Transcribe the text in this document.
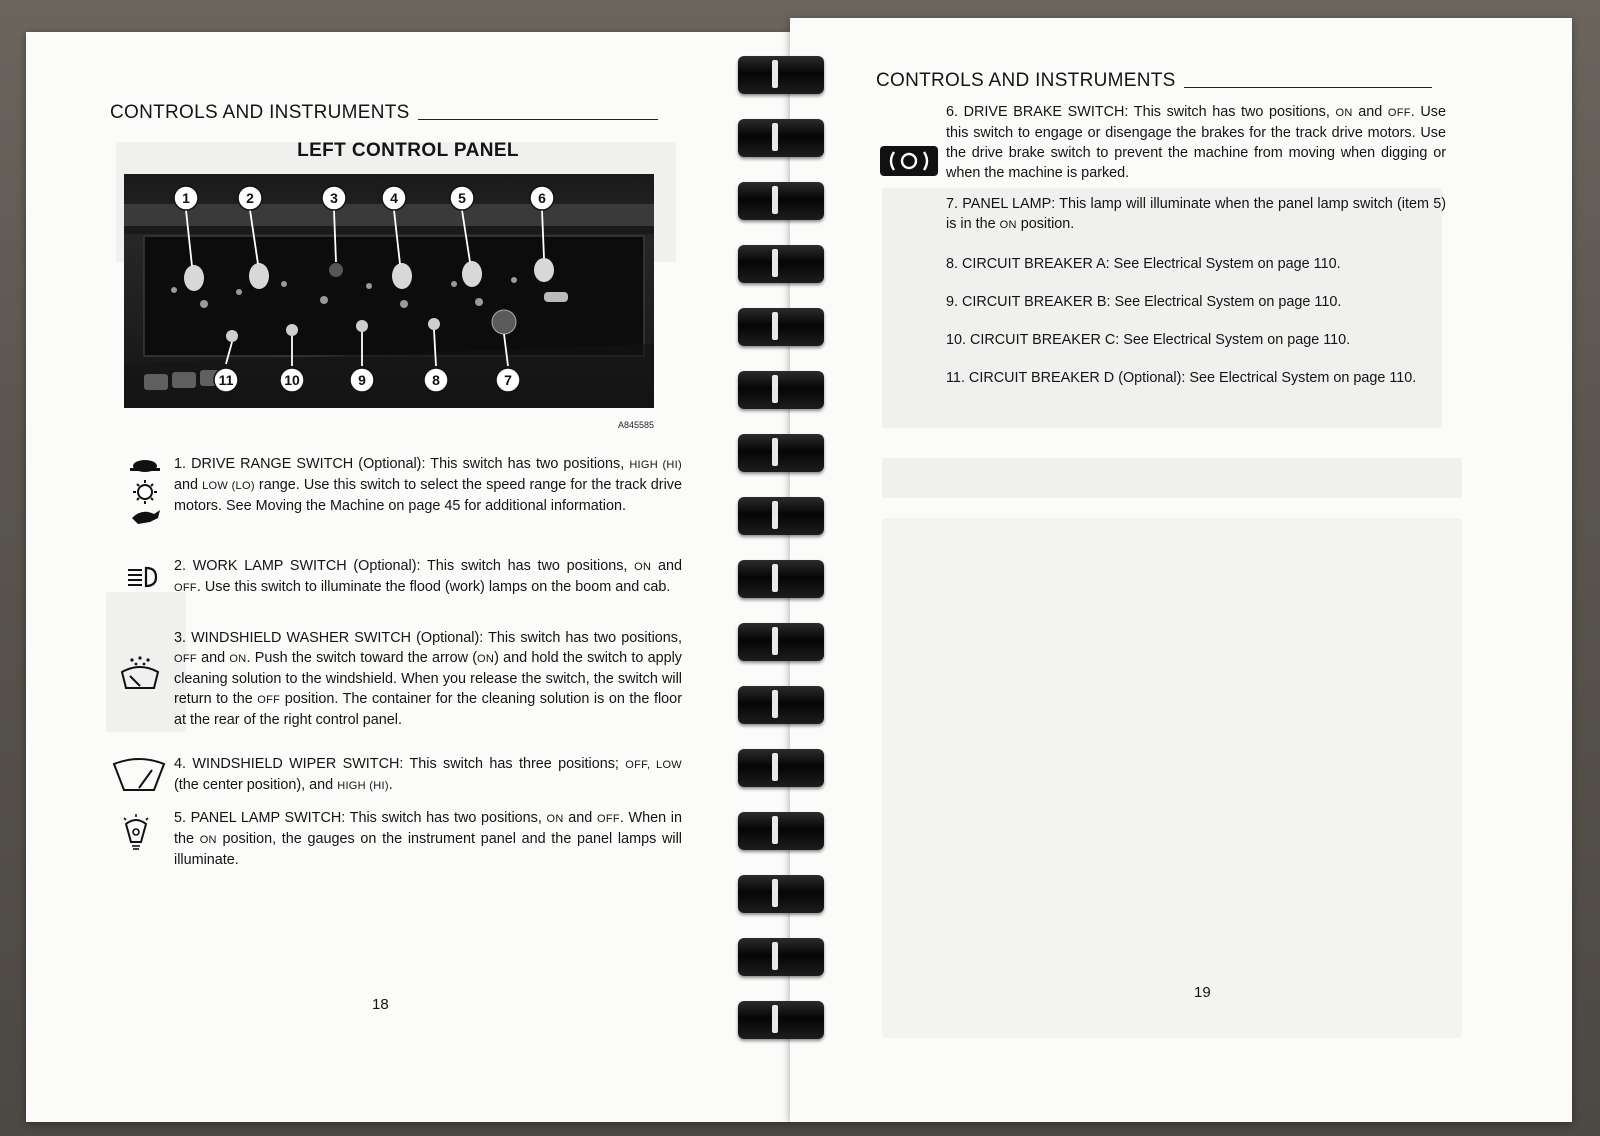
CONTROLS AND INSTRUMENTS
LEFT CONTROL PANEL
1	2	3	4	5	6
11	10	9	8	7
A845585
1. DRIVE RANGE SWITCH (Optional): This switch has two positions, HIGH (HI) and LOW (LO) range. Use this switch to select the speed range for the track drive motors. See Moving the Machine on page 45 for additional information.
2. WORK LAMP SWITCH (Optional): This switch has two positions, ON and OFF. Use this switch to illuminate the flood (work) lamps on the boom and cab.
3. WINDSHIELD WASHER SWITCH (Optional): This switch has two positions, OFF and ON. Push the switch toward the arrow (ON) and hold the switch to apply cleaning solution to the windshield. When you release the switch, the switch will return to the OFF position. The container for the cleaning solution is on the floor at the rear of the right control panel.
4. WINDSHIELD WIPER SWITCH: This switch has three positions; OFF, LOW (the center position), and HIGH (HI).
5. PANEL LAMP SWITCH: This switch has two positions, ON and OFF. When in the ON position, the gauges on the instrument panel and the panel lamps will illuminate.
18
CONTROLS AND INSTRUMENTS
6. DRIVE BRAKE SWITCH: This switch has two positions, ON and OFF. Use this switch to engage or disengage the brakes for the track drive motors. Use the drive brake switch to prevent the machine from moving when digging or when the machine is parked.
7. PANEL LAMP: This lamp will illuminate when the panel lamp switch (item 5) is in the ON position.
8. CIRCUIT BREAKER A: See Electrical System on page 110.
9. CIRCUIT BREAKER B: See Electrical System on page 110.
10. CIRCUIT BREAKER C: See Electrical System on page 110.
11. CIRCUIT BREAKER D (Optional): See Electrical System on page 110.
19
